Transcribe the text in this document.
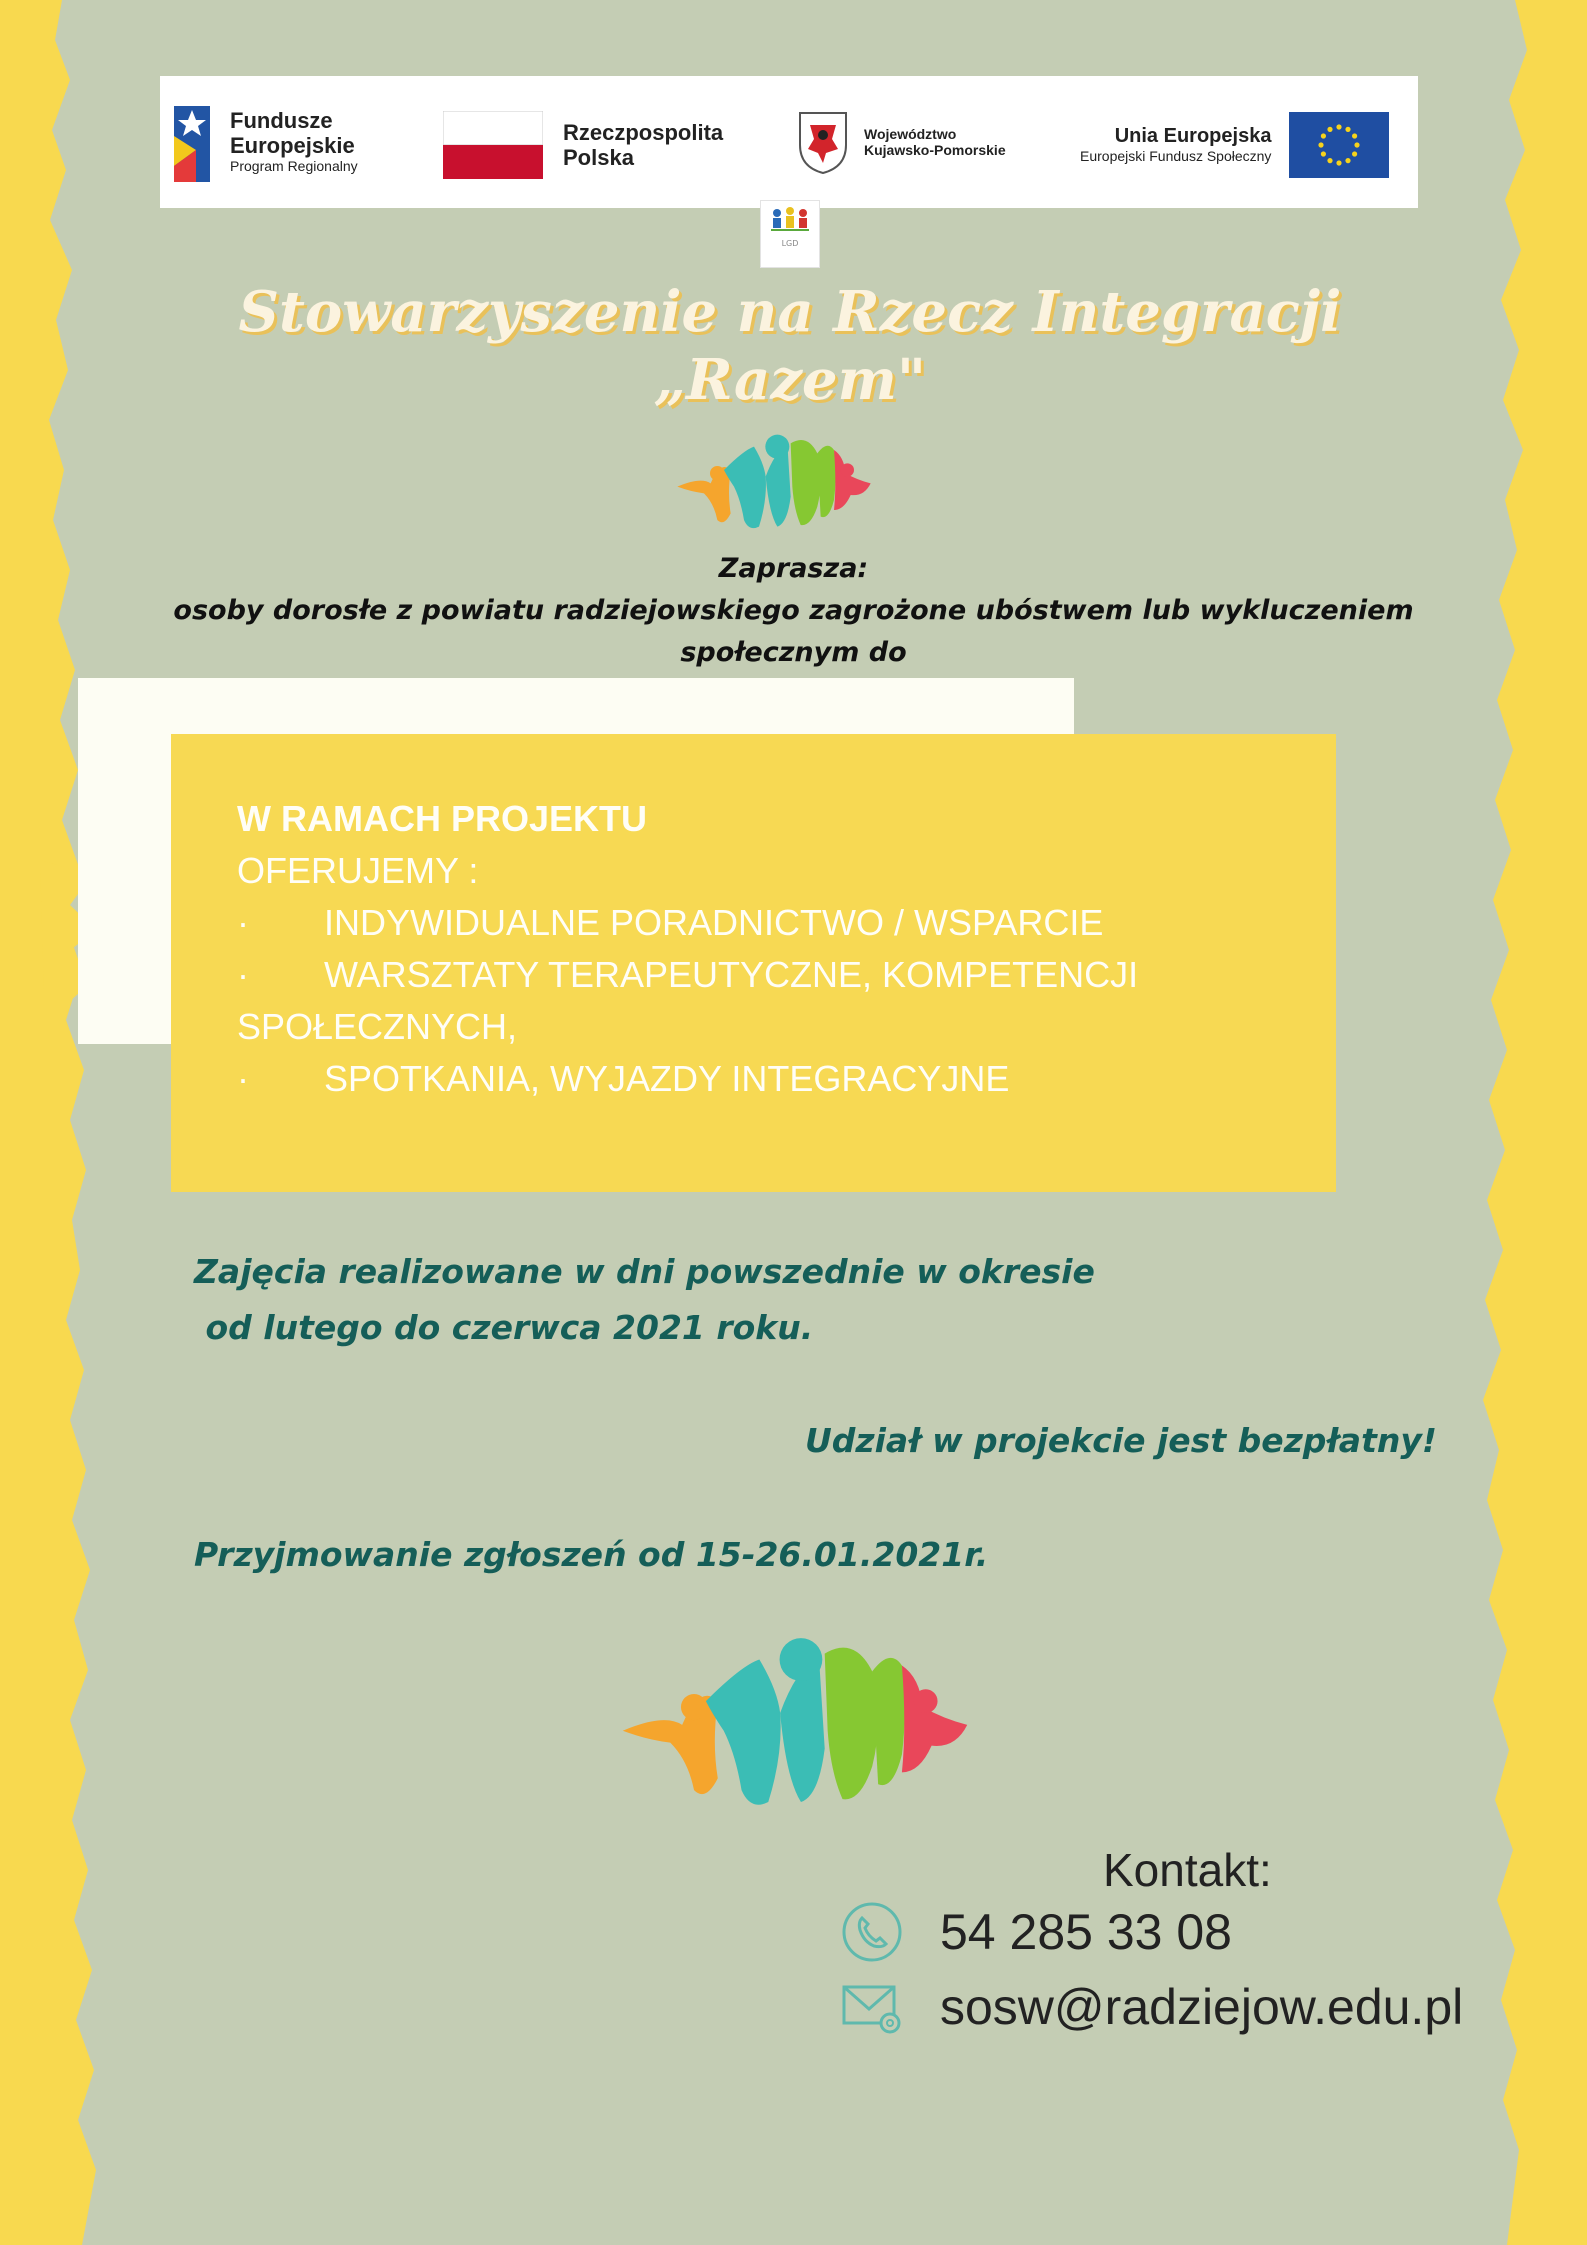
Fundusze
Europejskie
Program Regionalny
Rzeczpospolita
Polska
Województwo
Kujawsko-Pomorskie
Unia Europejska
Europejski Fundusz Społeczny
LGD
Stowarzyszenie na Rzecz Integracji
„Razem"
Zaprasza:
osoby dorosłe z powiatu radziejowskiego zagrożone ubóstwem lub wykluczeniem społecznym do
W RAMACH PROJEKTU
OFERUJEMY :
· INDYWIDUALNE PORADNICTWO / WSPARCIE
· WARSZTATY TERAPEUTYCZNE, KOMPETENCJI
SPOŁECZNYCH,
· SPOTKANIA, WYJAZDY INTEGRACYJNE
Zajęcia realizowane w dni powszednie w okresie
od lutego do czerwca 2021 roku.
Udział w projekcie jest bezpłatny!
Przyjmowanie zgłoszeń od 15-26.01.2021r.
Kontakt:
54 285 33 08
sosw@radziejow.edu.pl
